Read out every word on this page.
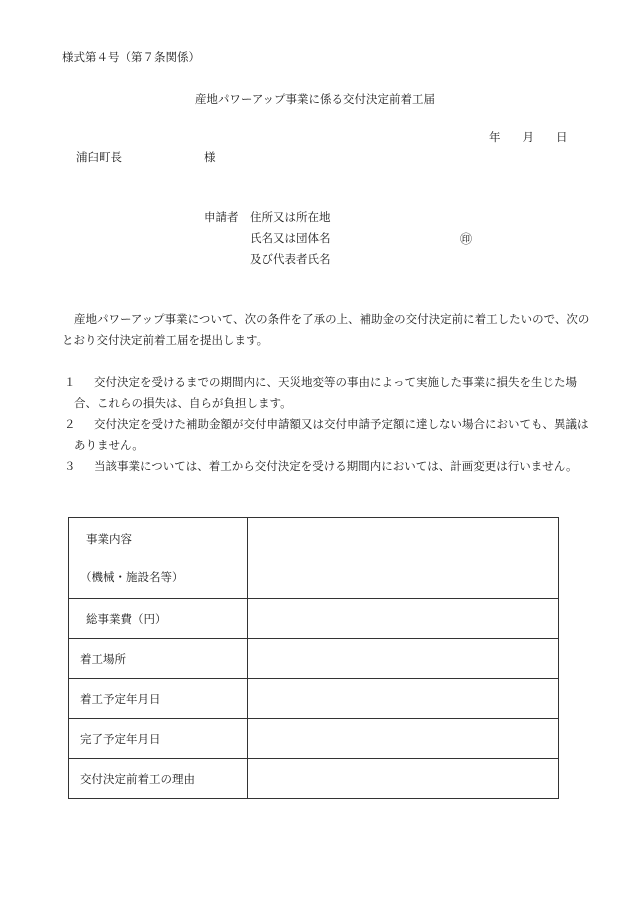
様式第４号（第７条関係）
産地パワーアップ事業に係る交付決定前着工届
年 月 日
浦臼町長	様
申請者 住所又は所在地
氏名又は団体名
及び代表者氏名
㊞
産地パワーアップ事業について、次の条件を了承の上、補助金の交付決定前に着工したいので、次のとおり交付決定前着工届を提出します。
１	交付決定を受けるまでの期間内に、天災地変等の事由によって実施した事業に損失を生じた場合、これらの損失は、自らが負担します。
２	交付決定を受けた補助金額が交付申請額又は交付申請予定額に達しない場合においても、異議はありません。
３	当該事業については、着工から交付決定を受ける期間内においては、計画変更は行いません。
事業内容
（機械・施設名等）	

総事業費（円）	
着工場所	
着工予定年月日	
完了予定年月日	
交付決定前着工の理由	
